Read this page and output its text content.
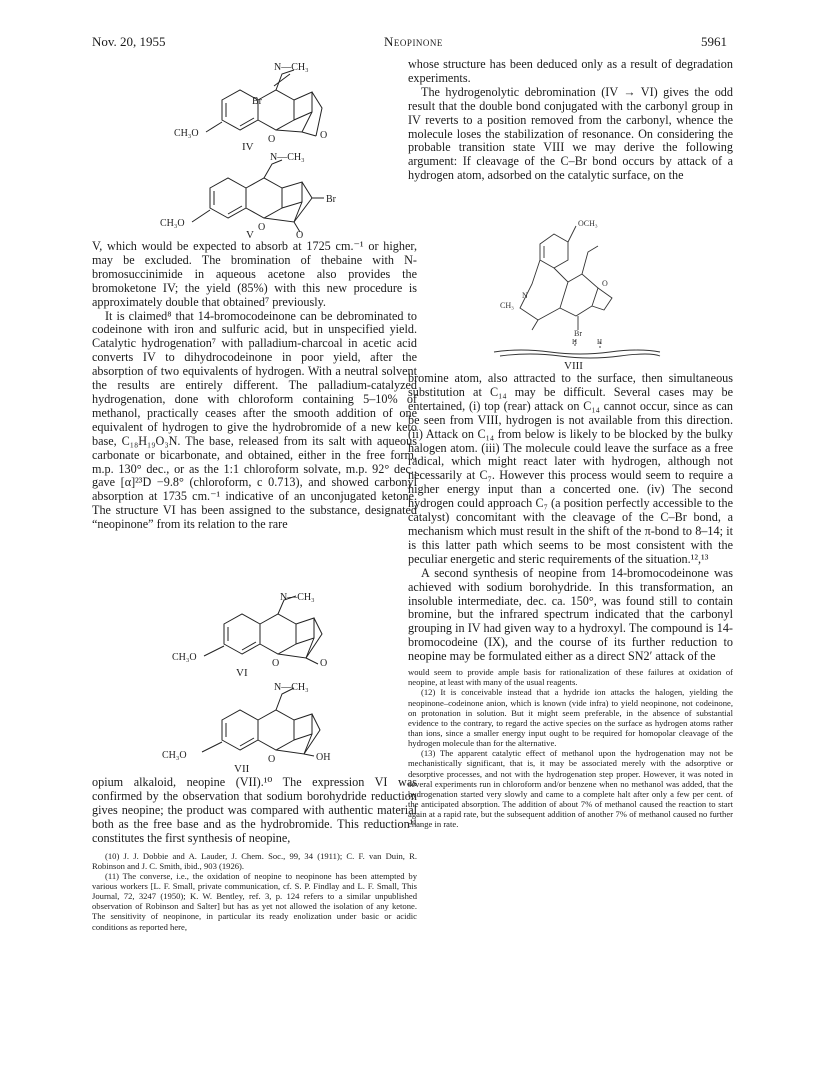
Nov. 20, 1955	Neopinone	5961
N—CH₃
Br
CH₃O
O	O
IV
N—CH₃
Br
CH₃O	O
O
V

V, which would be expected to absorb at 1725 cm.⁻¹ or higher, may be excluded. The bromination of thebaine with N-bromosuccinimide in aqueous acetone also provides the bromoketone IV; the yield (85%) with this new procedure is approximately double that obtained⁷ previously.

It is claimed⁸ that 14-bromocodeinone can be debrominated to codeinone with iron and sulfuric acid, but in unspecified yield. Catalytic hydrogenation⁷ with palladium-charcoal in acetic acid converts IV to dihydrocodeinone in poor yield, after the absorption of two equivalents of hydrogen. With a neutral solvent the results are entirely different. The palladium-catalyzed hydrogenation, done with chloroform containing 5–10% of methanol, practically ceases after the smooth addition of one equivalent of hydrogen to give the hydrobromide of a new keto base, C₁₈H₁₉O₃N. The base, released from its salt with aqueous carbonate or bicarbonate, and obtained, either in the free form, m.p. 130° dec., or as the 1:1 chloroform solvate, m.p. 92° dec., gave [α]²³D −9.8° (chloroform, c 0.713), and showed carbonyl absorption at 1735 cm.⁻¹ indicative of an unconjugated ketone. The structure VI has been assigned to the substance, designated “neopinone” from its relation to the rare

N—CH₃
CH₃O
O	O
VI
N—CH₃
CH₃O	O	OH
VII

opium alkaloid, neopine (VII).¹⁰ The expression VI was confirmed by the observation that sodium borohydride reduction gives neopine; the product was compared with authentic material both as the free base and as the hydrobromide. This reduction¹¹ constitutes the first synthesis of neopine,

(10) J. J. Dobbie and A. Lauder, J. Chem. Soc., 99, 34 (1911); C. F. van Duin, R. Robinson and J. C. Smith, ibid., 903 (1926).

(11) The converse, i.e., the oxidation of neopine to neopinone has been attempted by various workers [L. F. Small, private communication, cf. S. P. Findlay and L. F. Small, This Journal, 72, 3247 (1950); K. W. Bentley, ref. 3, p. 124 refers to a similar unpublished observation of Robinson and Salter] but has as yet not allowed the isolation of any ketone. The sensitivity of neopinone, in particular its ready enolization under basic or acidic conditions as reported here,

whose structure has been deduced only as a result of degradation experiments.

The hydrogenolytic debromination (IV → VI) gives the odd result that the double bond conjugated with the carbonyl group in IV reverts to a position removed from the carbonyl, whence the molecule loses the stabilization of resonance. On considering the probable transition state VIII we may derive the following argument: If cleavage of the C–Br bond occurs by attack of a hydrogen atom, adsorbed on the catalytic surface, on the

OCH₃
N
CH₃
O
Br
H	H
VIII

bromine atom, also attracted to the surface, then simultaneous substitution at C₁₄ may be difficult. Several cases may be entertained, (i) top (rear) attack on C₁₄ cannot occur, since as can be seen from VIII, hydrogen is not available from this direction. (ii) Attack on C₁₄ from below is likely to be blocked by the bulky halogen atom. (iii) The molecule could leave the surface as a free radical, which might react later with hydrogen, although not necessarily at C₇. However this process would seem to require a higher energy input than a concerted one. (iv) The second hydrogen could approach C₇ (a position perfectly accessible to the catalyst) concomitant with the cleavage of the C–Br bond, a mechanism which must result in the shift of the π-bond to 8–14; it is this latter path which seems to be most consistent with the peculiar energetic and steric requirements of the situation.¹²,¹³

A second synthesis of neopine from 14-bromocodeinone was achieved with sodium borohydride. In this transformation, an insoluble intermediate, dec. ca. 150°, was found still to contain bromine, but the infrared spectrum indicated that the carbonyl grouping in IV had given way to a hydroxyl. The compound is 14-bromocodeine (IX), and the course of its further reduction to neopine may be formulated either as a direct SN2′ attack of the

would seem to provide ample basis for rationalization of these failures at oxidation of neopine, at least with many of the usual reagents.

(12) It is conceivable instead that a hydride ion attacks the halogen, yielding the neopinone–codeinone anion, which is known (vide infra) to yield neopinone, not codeinone, on protonation in solution. But it might seem preferable, in the absence of substantial evidence to the contrary, to regard the active species on the surface as hydrogen atoms rather than ions, since a smaller energy input ought to be required for homopolar cleavage of the hydrogen molecule than for the alternative.

(13) The apparent catalytic effect of methanol upon the hydrogenation may not be mechanistically significant, that is, it may be associated merely with the adsorptive or desorptive processes, and not with the hydrogenation step proper. However, it was noted in several experiments run in chloroform and/or benzene when no methanol was added, that the hydrogenation started very slowly and came to a complete halt after only a few per cent. of the anticipated absorption. The addition of about 7% of methanol caused the reaction to start again at a rapid rate, but the subsequent addition of another 7% of methanol caused no further change in rate.
